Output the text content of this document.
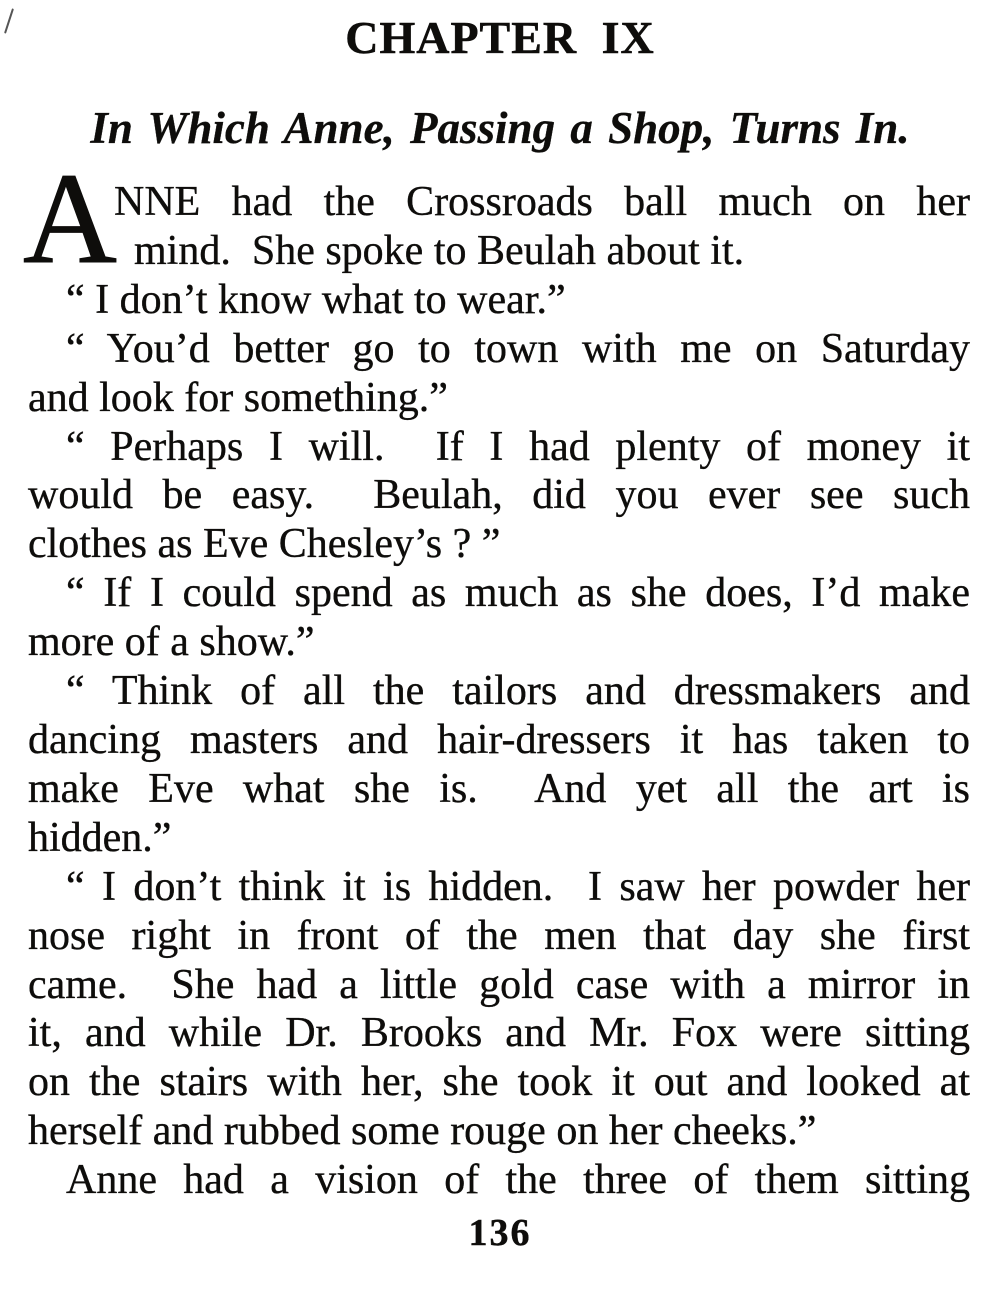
CHAPTER IX
In Which Anne, Passing a Shop, Turns In.
A
NNE had the Crossroads ball much on her
mind.  She spoke to Beulah about it.
“ I don’t know what to wear.”
“ You’d better go to town with me on Saturday
and look for something.”
“ Perhaps I will.  If I had plenty of money it
would be easy.  Beulah, did you ever see such
clothes as Eve Chesley’s ? ”
“ If I could spend as much as she does, I’d make
more of a show.”
“ Think of all the tailors and dressmakers and
dancing masters and hair-dressers it has taken to
make Eve what she is.  And yet all the art is
hidden.”
“ I don’t think it is hidden.  I saw her powder her
nose right in front of the men that day she first
came.  She had a little gold case with a mirror in
it, and while Dr. Brooks and Mr. Fox were sitting
on the stairs with her, she took it out and looked at
herself and rubbed some rouge on her cheeks.”
Anne had a vision of the three of them sitting
136
